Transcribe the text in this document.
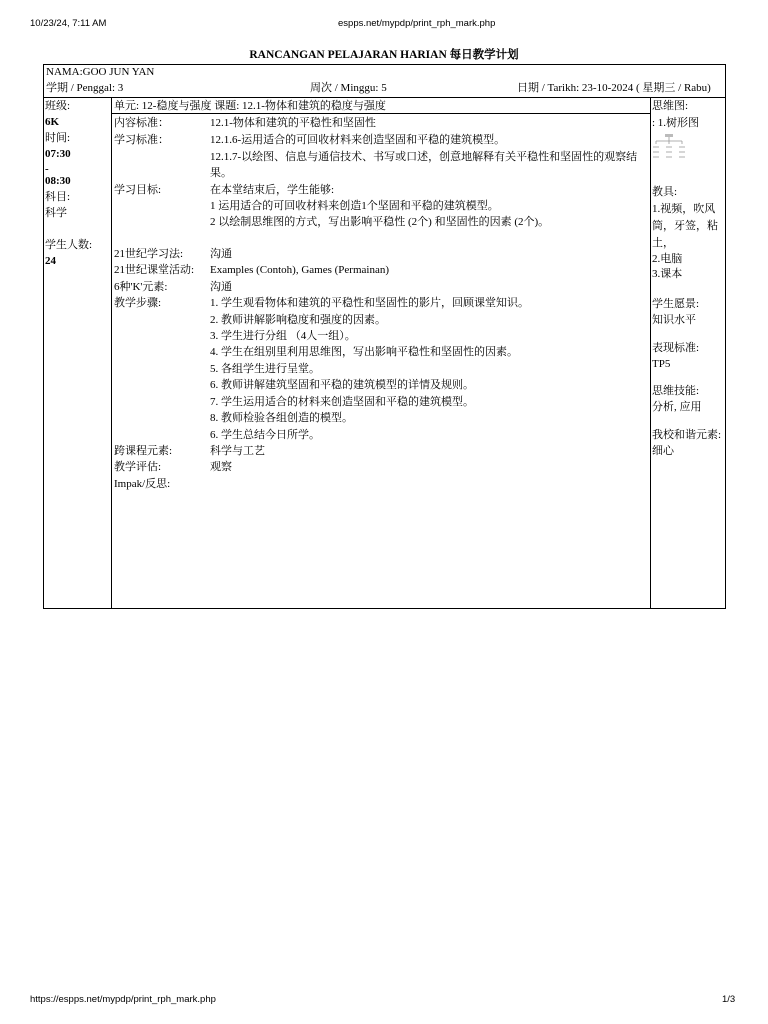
10/23/24, 7:11 AM	espps.net/mypdp/print_rph_mark.php
RANCANGAN PELAJARAN HARIAN 每日教学计划
NAMA:GOO JUN YAN
学期 / Penggal: 3	周次 / Minggu: 5	日期 / Tarikh: 23-10-2024 ( 星期三 / Rabu)
班级:
6K
时间:
07:30
-
08:30
科目:
科学
学生人数:
24
单元: 12-稳度与强度 课题: 12.1-物体和建筑的稳度与强度
内容标准：	12.1-物体和建筑的平稳性和坚固性
学习标准：	12.1.6-运用适合的可回收材料来创造坚固和平稳的建筑模型。
12.1.7-以绘图、信息与通信技术、书写或口述，创意地解释有关平稳性和坚固性的观察结
果。
学习目标:	在本堂结束后，学生能够:
1 运用适合的可回收材料来创造1个坚固和平稳的建筑模型。
2 以绘制思维图的方式，写出影响平稳性 (2个) 和坚固性的因素 (2个)。
21世纪学习法: 沟通
21世纪课堂活动: Examples (Contoh), Games (Permainan)
6种'K'元素:	沟通
教学步骤:	1. 学生观看物体和建筑的平稳性和坚固性的影片，回顾课堂知识。
2. 教师讲解影响稳度和强度的因素。
3. 学生进行分组 （4人一组）。
4. 学生在组别里利用思维图，写出影响平稳性和坚固性的因素。
5. 各组学生进行呈堂。
6. 教师讲解建筑坚固和平稳的建筑模型的详情及规则。
7. 学生运用适合的材料来创造坚固和平稳的建筑模型。
8. 教师检验各组创造的模型。
6. 学生总结今日所学。
跨课程元素:	科学与工艺
教学评估:	观察
Impak/反思:
思维图:
: 1.树形图
教具:
1.视频，吹风
筒，牙签，粘
土，
2.电脑
3.课本
学生愿景:
知识水平
表现标准:
TP5
思维技能:
分析, 应用
我校和谐元素:
细心
https://espps.net/mypdp/print_rph_mark.php	1/3
